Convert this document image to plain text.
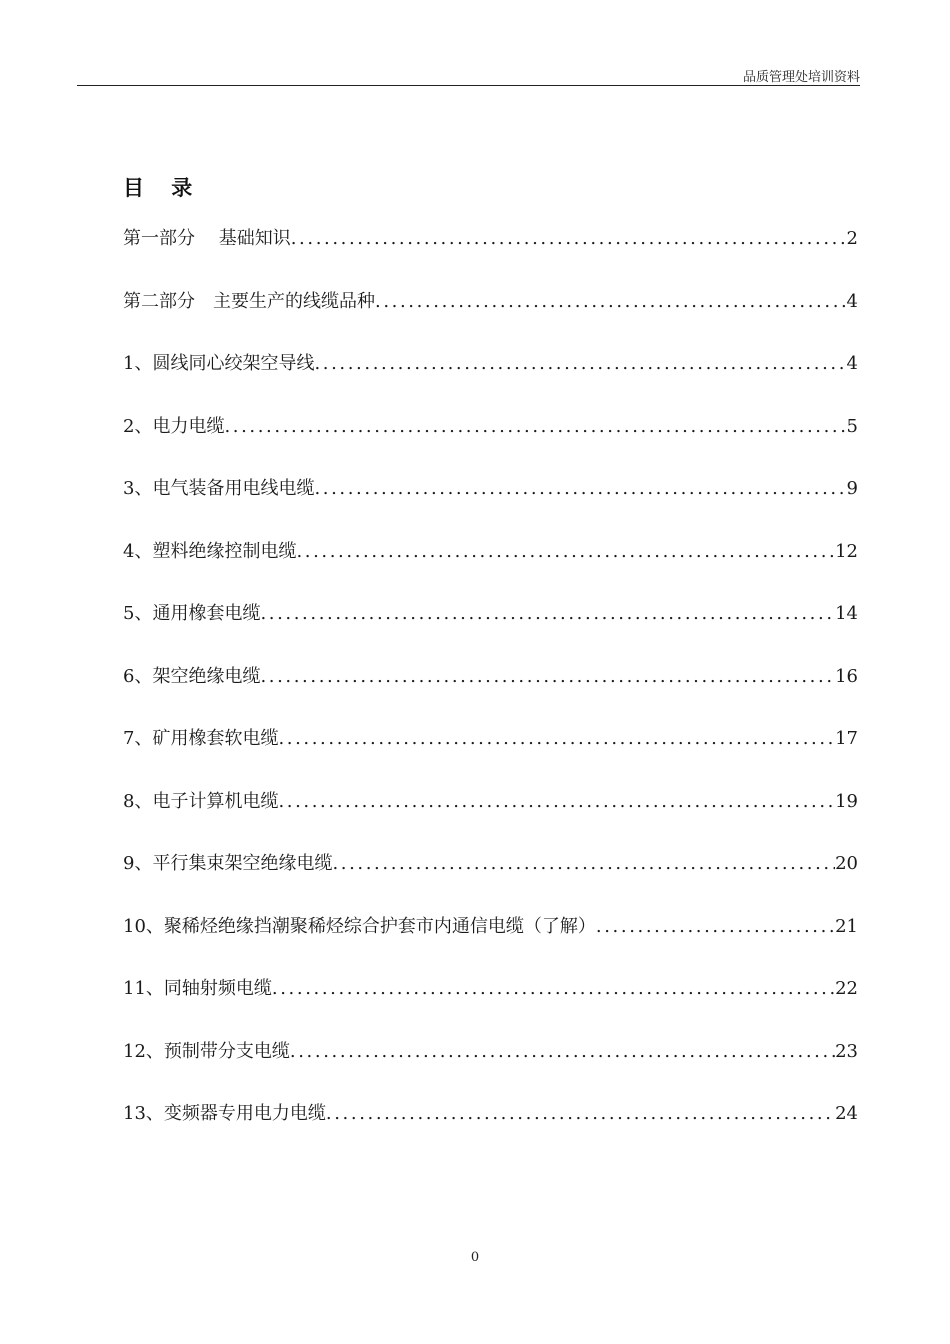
品质管理处培训资料
目 录
第一部分　 基础知识 .....	2
第二部分　主要生产的线缆品种 .....	4
1、圆线同心绞架空导线 .....	4
2、电力电缆 .....	5
3、电气装备用电线电缆 .....	9
4、塑料绝缘控制电缆 .....	12
5、通用橡套电缆 .....	14
6、架空绝缘电缆 .....	16
7、矿用橡套软电缆 .....	17
8、电子计算机电缆 .....	19
9、平行集束架空绝缘电缆 .....	20
10、聚稀烃绝缘挡潮聚稀烃综合护套市内通信电缆（了解） .....	21
11、同轴射频电缆 .....	22
12、预制带分支电缆 .....	23
13、变频器专用电力电缆 .....	24
0
